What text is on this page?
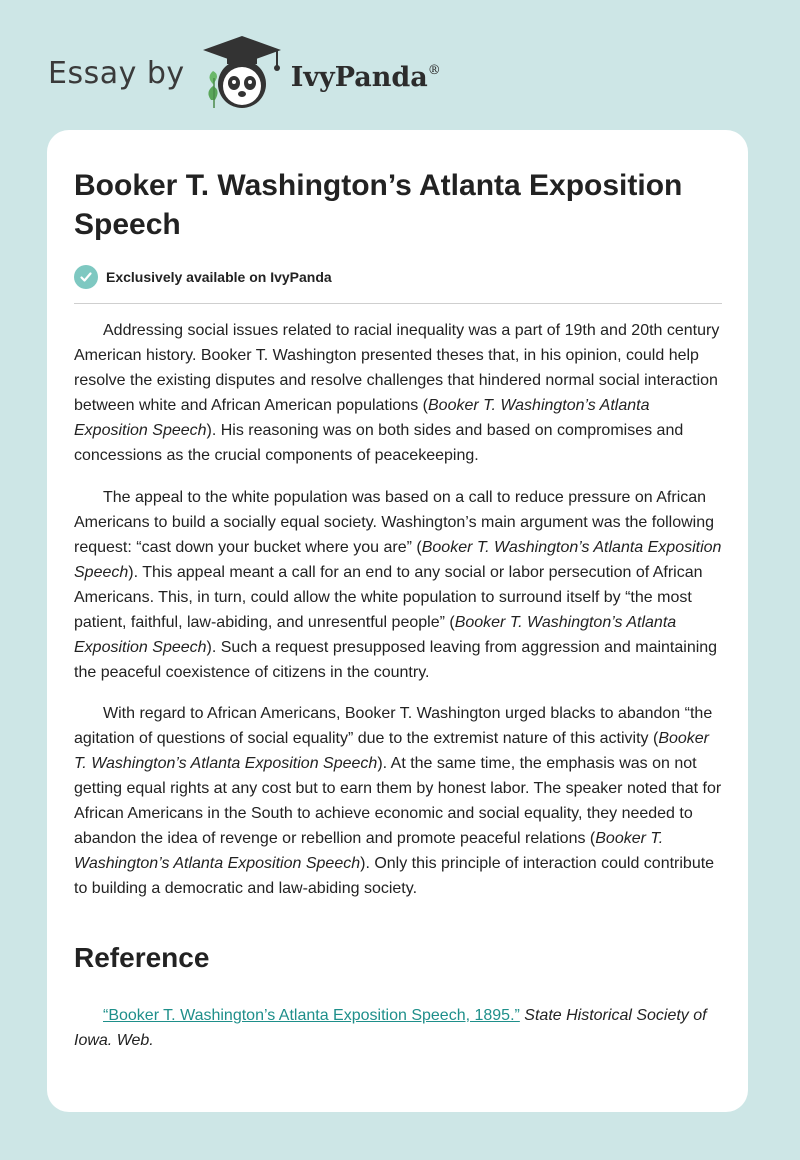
Essay by	IvyPanda®
Booker T. Washington’s Atlanta Exposition Speech
Exclusively available on IvyPanda

Addressing social issues related to racial inequality was a part of 19th and 20th century American history. Booker T. Washington presented theses that, in his opinion, could help resolve the existing disputes and resolve challenges that hindered normal social interaction between white and African American populations (Booker T. Washington’s Atlanta Exposition Speech). His reasoning was on both sides and based on compromises and concessions as the crucial components of peacekeeping.

The appeal to the white population was based on a call to reduce pressure on African Americans to build a socially equal society. Washington’s main argument was the following request: “cast down your bucket where you are” (Booker T. Washington’s Atlanta Exposition Speech). This appeal meant a call for an end to any social or labor persecution of African Americans. This, in turn, could allow the white population to surround itself by “the most patient, faithful, law-abiding, and unresentful people” (Booker T. Washington’s Atlanta Exposition Speech). Such a request presupposed leaving from aggression and maintaining the peaceful coexistence of citizens in the country.

With regard to African Americans, Booker T. Washington urged blacks to abandon “the agitation of questions of social equality” due to the extremist nature of this activity (Booker T. Washington’s Atlanta Exposition Speech). At the same time, the emphasis was on not getting equal rights at any cost but to earn them by honest labor. The speaker noted that for African Americans in the South to achieve economic and social equality, they needed to abandon the idea of revenge or rebellion and promote peaceful relations (Booker T. Washington’s Atlanta Exposition Speech). Only this principle of interaction could contribute to building a democratic and law-abiding society.

Reference

“Booker T. Washington’s Atlanta Exposition Speech, 1895.” State Historical Society of Iowa. Web.
